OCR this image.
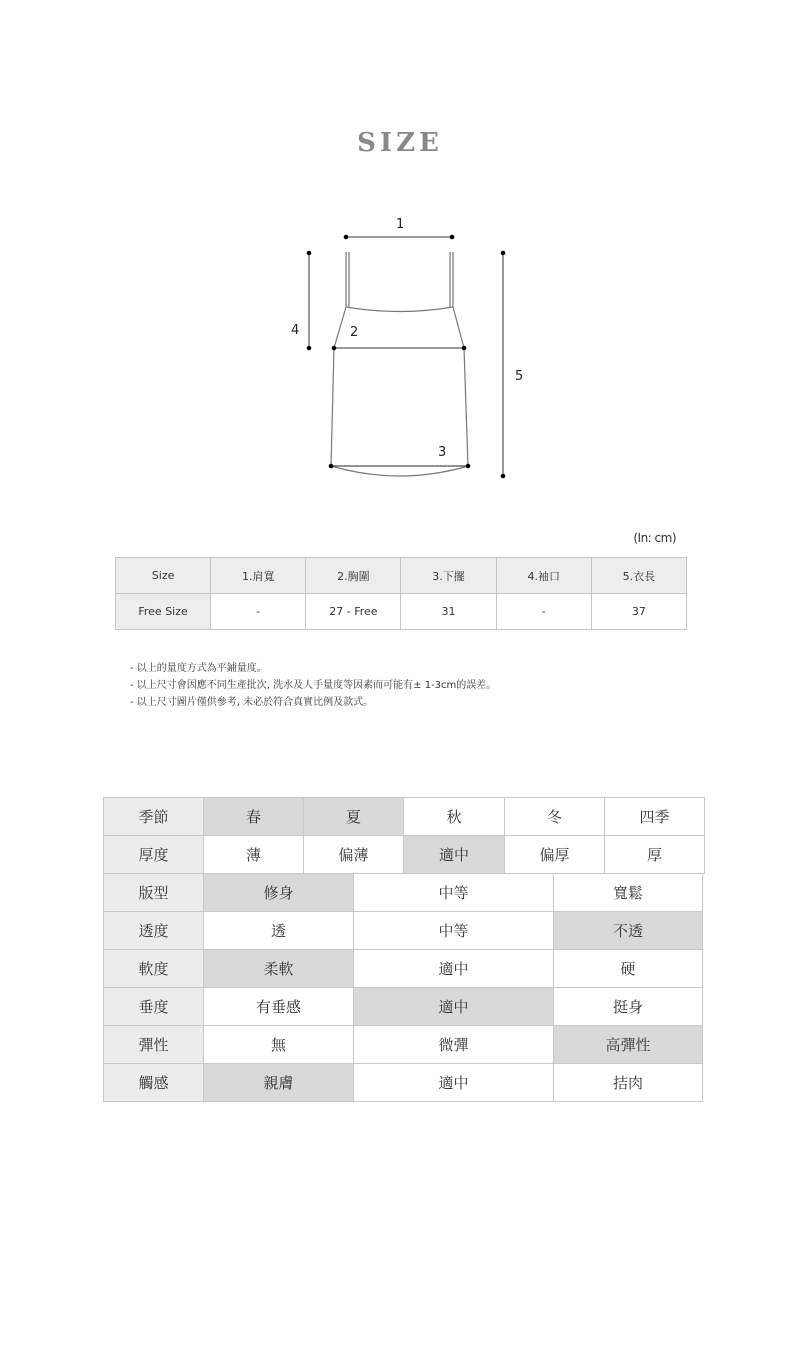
SIZE
1
2
3
4
5
(In: cm)
Size	1.肩寬	2.胸圍	3.下擺	4.袖口	5.衣長
Free Size	-	27 - Free	31	-	37
- 以上的量度方式為平鋪量度。
- 以上尺寸會因應不同生產批次, 洗水及人手量度等因素而可能有± 1-3cm的誤差。
- 以上尺寸圖片僅供參考, 未必於符合真實比例及款式。
季節	春	夏	秋	冬	四季
厚度	薄	偏薄	適中	偏厚	厚
版型	修身	中等	寬鬆
透度	透	中等	不透
軟度	柔軟	適中	硬
垂度	有垂感	適中	挺身
彈性	無	微彈	高彈性
觸感	親膚	適中	拮肉
